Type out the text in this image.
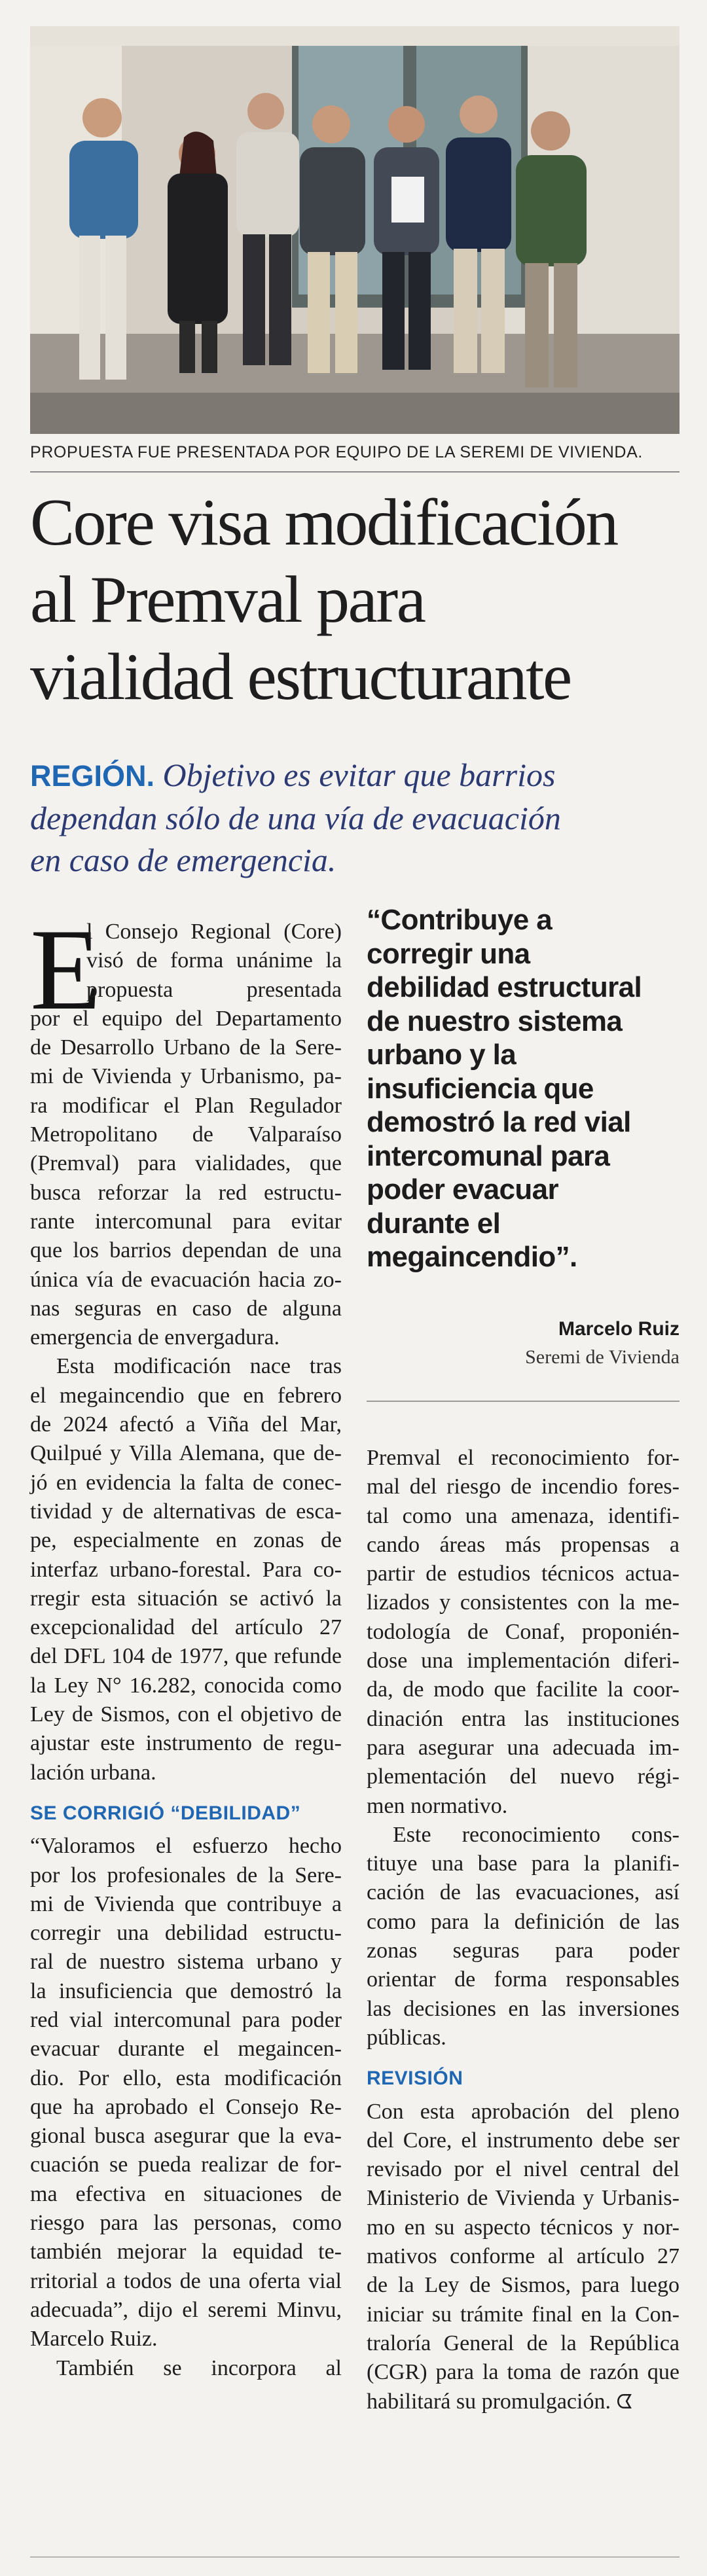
PROPUESTA FUE PRESENTADA POR EQUIPO DE LA SEREMI DE VIVIENDA.
Core visa modificación
al Premval para
vialidad estructurante
REGIÓN. Objetivo es evitar que barrios
dependan sólo de una vía de evacuación
en caso de emergencia.

E
l Consejo Regional (Core)
visó de forma unánime la
propuesta presentada
por el equipo del Departamento
de Desarrollo Urbano de la Sere-
mi de Vivienda y Urbanismo, pa-
ra modificar el Plan Regulador
Metropolitano de Valparaíso
(Premval) para vialidades, que
busca reforzar la red estructu-
rante intercomunal para evitar
que los barrios dependan de una
única vía de evacuación hacia zo-
nas seguras en caso de alguna
emergencia de envergadura.

Esta modificación nace tras
el megaincendio que en febrero
de 2024 afectó a Viña del Mar,
Quilpué y Villa Alemana, que de-
jó en evidencia la falta de conec-
tividad y de alternativas de esca-
pe, especialmente en zonas de
interfaz urbano-forestal. Para co-
rregir esta situación se activó la
excepcionalidad del artículo 27
del DFL 104 de 1977, que refunde
la Ley N° 16.282, conocida como
Ley de Sismos, con el objetivo de
ajustar este instrumento de regu-
lación urbana.

SE CORRIGIÓ “DEBILIDAD”

“Valoramos el esfuerzo hecho
por los profesionales de la Sere-
mi de Vivienda que contribuye a
corregir una debilidad estructu-
ral de nuestro sistema urbano y
la insuficiencia que demostró la
red vial intercomunal para poder
evacuar durante el megaincen-
dio. Por ello, esta modificación
que ha aprobado el Consejo Re-
gional busca asegurar que la eva-
cuación se pueda realizar de for-
ma efectiva en situaciones de
riesgo para las personas, como
también mejorar la equidad te-
rritorial a todos de una oferta vial
adecuada”, dijo el seremi Minvu,
Marcelo Ruiz.

También se incorpora al

“Contribuye a
corregir una
debilidad estructural
de nuestro sistema
urbano y la
insuficiencia que
demostró la red vial
intercomunal para
poder evacuar
durante el
megaincendio”.
Marcelo Ruiz
Seremi de Vivienda

Premval el reconocimiento for-
mal del riesgo de incendio fores-
tal como una amenaza, identifi-
cando áreas más propensas a
partir de estudios técnicos actua-
lizados y consistentes con la me-
todología de Conaf, proponién-
dose una implementación diferi-
da, de modo que facilite la coor-
dinación entra las instituciones
para asegurar una adecuada im-
plementación del nuevo régi-
men normativo.

Este reconocimiento cons-
tituye una base para la planifi-
cación de las evacuaciones, así
como para la definición de las
zonas seguras para poder
orientar de forma responsables
las decisiones en las inversiones
públicas.

REVISIÓN

Con esta aprobación del pleno
del Core, el instrumento debe ser
revisado por el nivel central del
Ministerio de Vivienda y Urbanis-
mo en su aspecto técnicos y nor-
mativos conforme al artículo 27
de la Ley de Sismos, para luego
iniciar su trámite final en la Con-
traloría General de la República
(CGR) para la toma de razón que
habilitará su promulgación. ᗧ
